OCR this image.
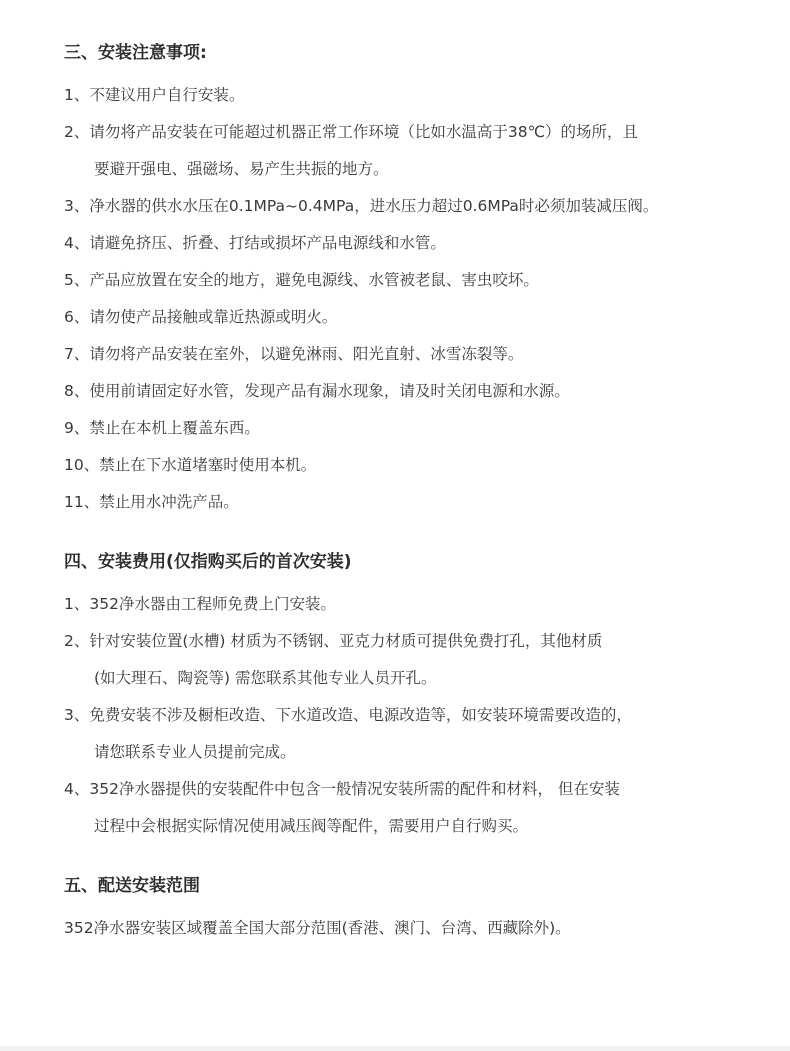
三、安装注意事项:
1、不建议用户自行安装。
2、请勿将产品安装在可能超过机器正常工作环境（比如水温高于38℃）的场所，且
要避开强电、强磁场、易产生共振的地方。
3、净水器的供水水压在0.1MPa~0.4MPa，进水压力超过0.6MPa时必须加装减压阀。
4、请避免挤压、折叠、打结或损坏产品电源线和水管。
5、产品应放置在安全的地方，避免电源线、水管被老鼠、害虫咬坏。
6、请勿使产品接触或靠近热源或明火。
7、请勿将产品安装在室外，以避免淋雨、阳光直射、冰雪冻裂等。
8、使用前请固定好水管，发现产品有漏水现象，请及时关闭电源和水源。
9、禁止在本机上覆盖东西。
10、禁止在下水道堵塞时使用本机。
11、禁止用水冲洗产品。
四、安装费用(仅指购买后的首次安装)
1、352净水器由工程师免费上门安装。
2、针对安装位置(水槽) 材质为不锈钢、亚克力材质可提供免费打孔，其他材质
(如大理石、陶瓷等) 需您联系其他专业人员开孔。
3、免费安装不涉及橱柜改造、下水道改造、电源改造等，如安装环境需要改造的，
请您联系专业人员提前完成。
4、352净水器提供的安装配件中包含一般情况安装所需的配件和材料， 但在安装
过程中会根据实际情况使用减压阀等配件，需要用户自行购买。
五、配送安装范围

352净水器安装区域覆盖全国大部分范围(香港、澳门、台湾、西藏除外)。
